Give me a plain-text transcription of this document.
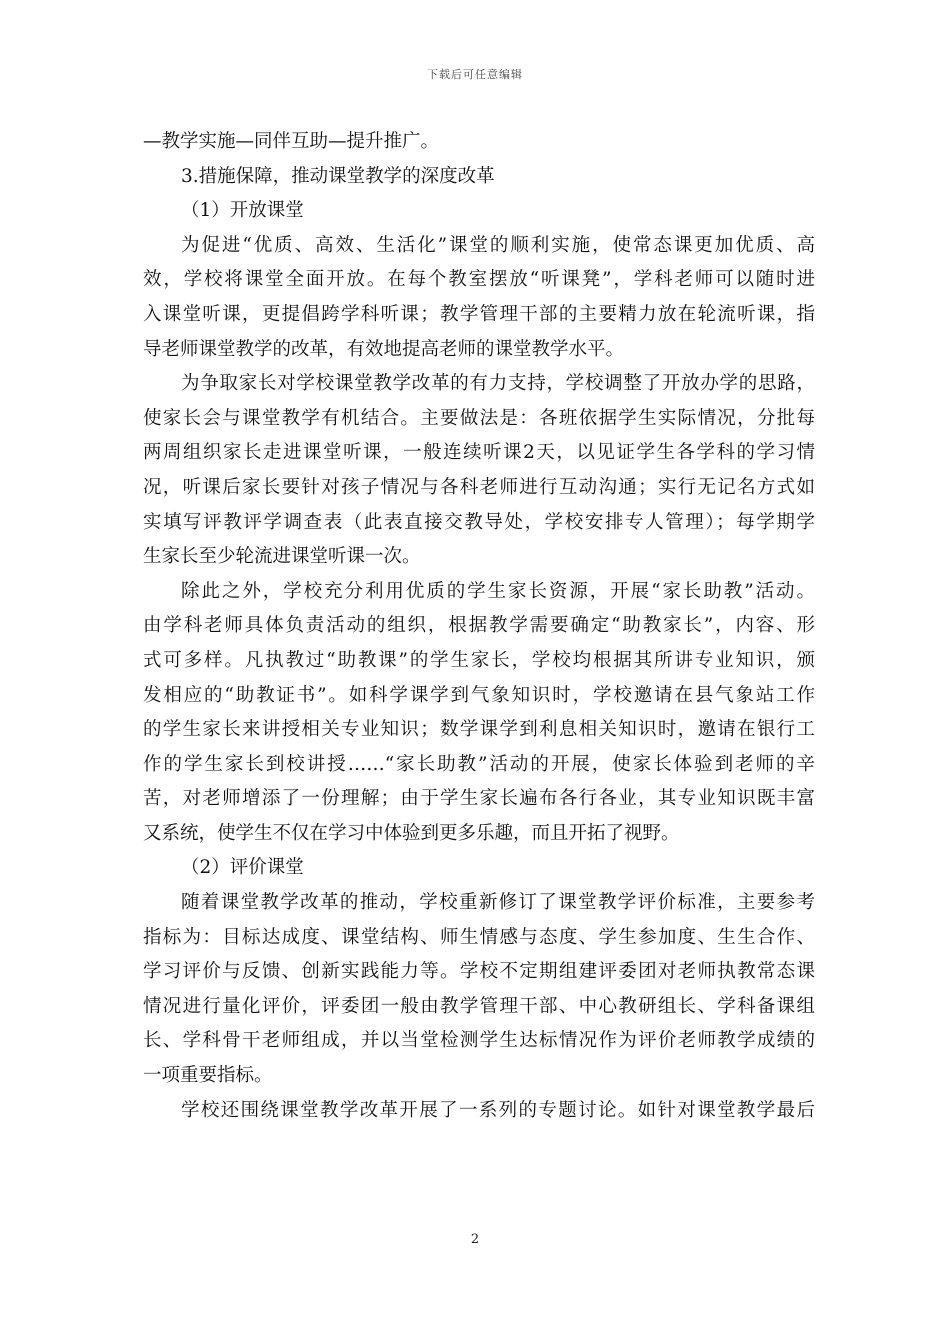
下载后可任意编辑
—教学实施—同伴互助—提升推广。
3.措施保障，推动课堂教学的深度改革
（1）开放课堂
为促进“优质、高效、生活化”课堂的顺利实施，使常态课更加优质、高
效，学校将课堂全面开放。在每个教室摆放“听课凳”，学科老师可以随时进
入课堂听课，更提倡跨学科听课；教学管理干部的主要精力放在轮流听课，指
导老师课堂教学的改革，有效地提高老师的课堂教学水平。
为争取家长对学校课堂教学改革的有力支持，学校调整了开放办学的思路，
使家长会与课堂教学有机结合。主要做法是：各班依据学生实际情况，分批每
两周组织家长走进课堂听课，一般连续听课2天，以见证学生各学科的学习情
况，听课后家长要针对孩子情况与各科老师进行互动沟通；实行无记名方式如
实填写评教评学调查表（此表直接交教导处，学校安排专人管理）；每学期学
生家长至少轮流进课堂听课一次。
除此之外，学校充分利用优质的学生家长资源，开展“家长助教”活动。
由学科老师具体负责活动的组织，根据教学需要确定“助教家长”，内容、形
式可多样。凡执教过“助教课”的学生家长，学校均根据其所讲专业知识，颁
发相应的“助教证书”。如科学课学到气象知识时，学校邀请在县气象站工作
的学生家长来讲授相关专业知识；数学课学到利息相关知识时，邀请在银行工
作的学生家长到校讲授……“家长助教”活动的开展，使家长体验到老师的辛
苦，对老师增添了一份理解；由于学生家长遍布各行各业，其专业知识既丰富
又系统，使学生不仅在学习中体验到更多乐趣，而且开拓了视野。
（2）评价课堂
随着课堂教学改革的推动，学校重新修订了课堂教学评价标准，主要参考
指标为：目标达成度、课堂结构、师生情感与态度、学生参加度、生生合作、
学习评价与反馈、创新实践能力等。学校不定期组建评委团对老师执教常态课
情况进行量化评价，评委团一般由教学管理干部、中心教研组长、学科备课组
长、学科骨干老师组成，并以当堂检测学生达标情况作为评价老师教学成绩的
一项重要指标。
学校还围绕课堂教学改革开展了一系列的专题讨论。如针对课堂教学最后
2
